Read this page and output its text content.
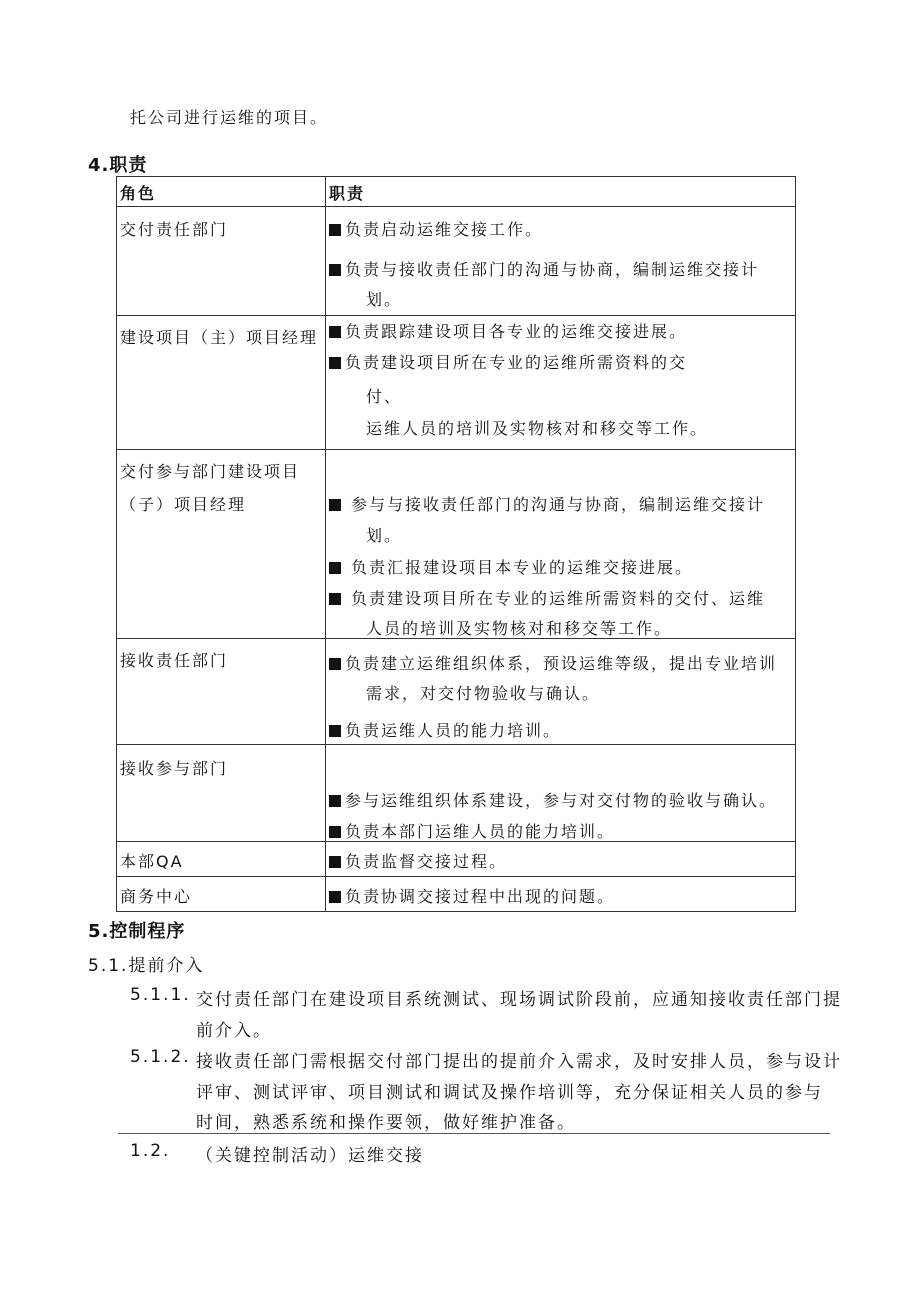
托公司进行运维的项目。
4.职责
角色	职责

交付责任部门	负责启动运维交接工作。
负责与接收责任部门的沟通与协商，编制运维交接计
划。

建设项目（主）项目经理	负责跟踪建设项目各专业的运维交接进展。
负责建设项目所在专业的运维所需资料的交
付、
运维人员的培训及实物核对和移交等工作。

交付参与部门建设项目
（子）项目经理	参与与接收责任部门的沟通与协商，编制运维交接计
划。
负责汇报建设项目本专业的运维交接进展。
负责建设项目所在专业的运维所需资料的交付、运维
人员的培训及实物核对和移交等工作。

接收责任部门	负责建立运维组织体系，预设运维等级，提出专业培训
需求，对交付物验收与确认。
负责运维人员的能力培训。

接收参与部门	参与运维组织体系建设，参与对交付物的验收与确认。
负责本部门运维人员的能力培训。

本部QA	负责监督交接过程。

商务中心	负责协调交接过程中出现的问题。
5.控制程序
5.1.提前介入
5.1.1. 交付责任部门在建设项目系统测试、现场调试阶段前，应通知接收责任部门提
前介入。
5.1.2. 接收责任部门需根据交付部门提出的提前介入需求，及时安排人员，参与设计
评审、测试评审、项目测试和调试及操作培训等，充分保证相关人员的参与
时间，熟悉系统和操作要领，做好维护准备。
1.2. （关键控制活动）运维交接
